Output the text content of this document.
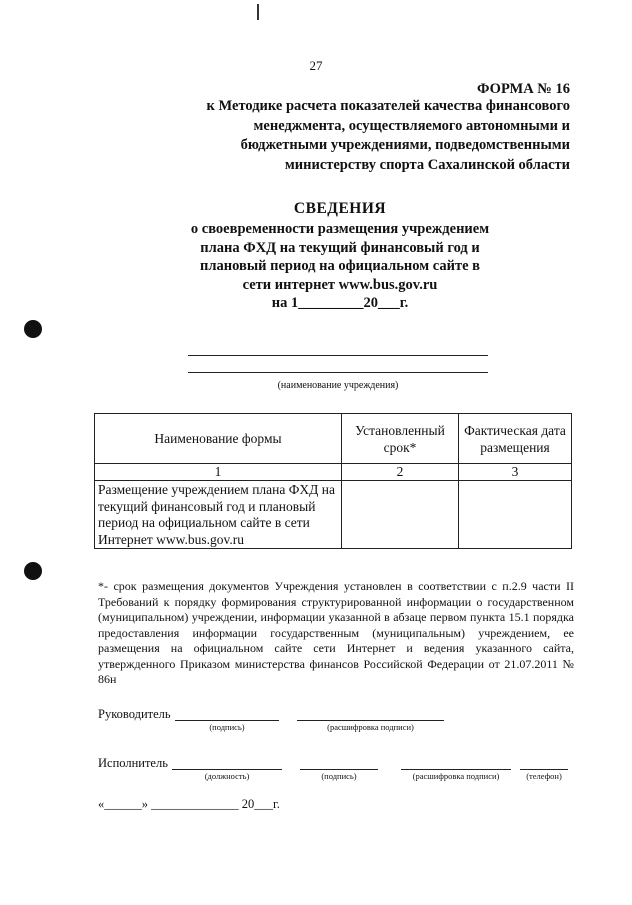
27
ФОРМА № 16
к Методике расчета показателей качества финансового
менеджмента, осуществляемого автономными и
бюджетными учреждениями, подведомственными
министерству спорта Сахалинской области
СВЕДЕНИЯ
о своевременности размещения учреждением
плана ФХД на текущий финансовый год и
плановый период на официальном сайте в
сети интернет www.bus.gov.ru
на 1_________20___г.
(наименование учреждения)
Наименование формы	Установленный срок*	Фактическая дата размещения
1	2	3
Размещение учреждением плана ФХД на текущий финансовый год и плановый период на официальном сайте в сети Интернет www.bus.gov.ru		
*- срок размещения документов Учреждения установлен в соответствии с п.2.9 части II Требований к порядку формирования структурированной информации о государственном (муниципальном) учреждении, информации указанной в абзаце первом пункта 15.1 порядка предоставления информации государственным (муниципальным) учреждением, ее размещения на официальном сайте сети Интернет и ведения указанного сайта, утвержденного Приказом министерства финансов Российской Федерации от 21.07.2011 № 86н
Руководитель
(подпись)	(расшифровка подписи)
Исполнитель
(должность)	(подпись)	(расшифровка подписи)	(телефон)
«______» ______________ 20___г.
